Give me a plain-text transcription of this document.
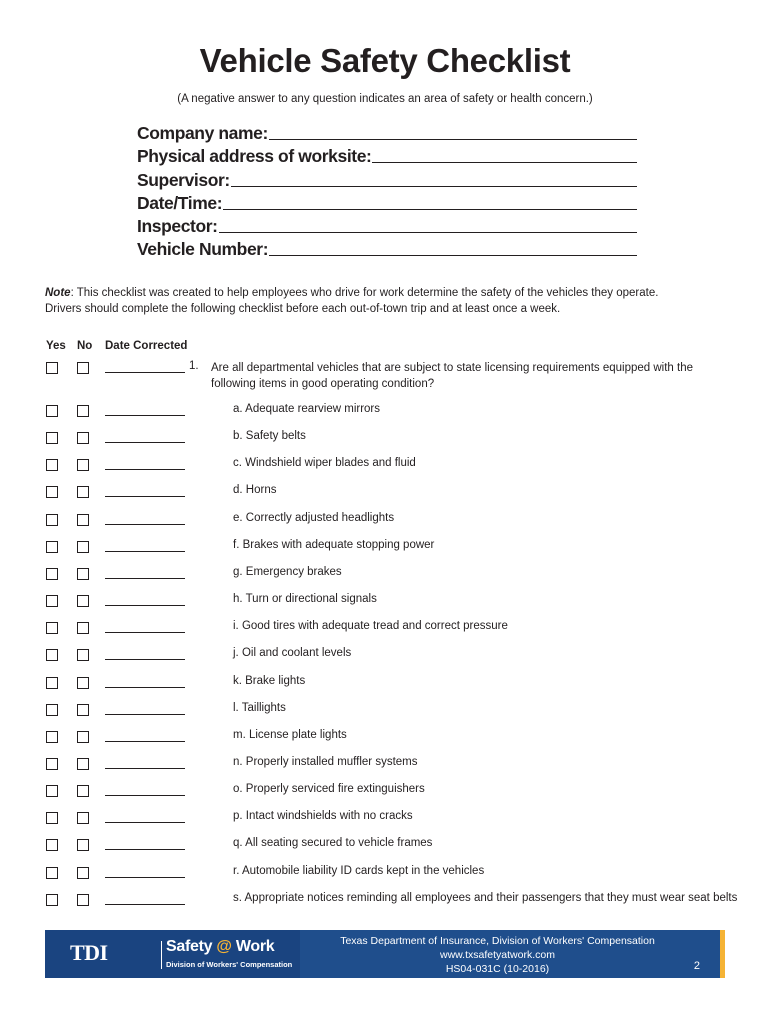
Vehicle Safety Checklist
(A negative answer to any question indicates an area of safety or health concern.)
Company name:
Physical address of worksite:
Supervisor:
Date/Time:
Inspector:
Vehicle Number:
Note: This checklist was created to help employees who drive for work determine the safety of the vehicles they operate.
Drivers should complete the following checklist before each out-of-town trip and at least once a week.
Yes No Date Corrected
1. Are all departmental vehicles that are subject to state licensing requirements equipped with the
following items in good operating condition?
a. Adequate rearview mirrors
b. Safety belts
c. Windshield wiper blades and fluid
d. Horns
e. Correctly adjusted headlights
f. Brakes with adequate stopping power
g. Emergency brakes
h. Turn or directional signals
i. Good tires with adequate tread and correct pressure
j. Oil and coolant levels
k. Brake lights
l. Taillights
m. License plate lights
n. Properly installed muffler systems
o. Properly serviced fire extinguishers
p. Intact windshields with no cracks
q. All seating secured to vehicle frames
r. Automobile liability ID cards kept in the vehicles
s. Appropriate notices reminding all employees and their passengers that they must wear seat belts
TDI	Safety @ Work
Division of Workers' Compensation
Texas Department of Insurance, Division of Workers' Compensation
www.txsafetyatwork.com
HS04-031C (10-2016)	2
